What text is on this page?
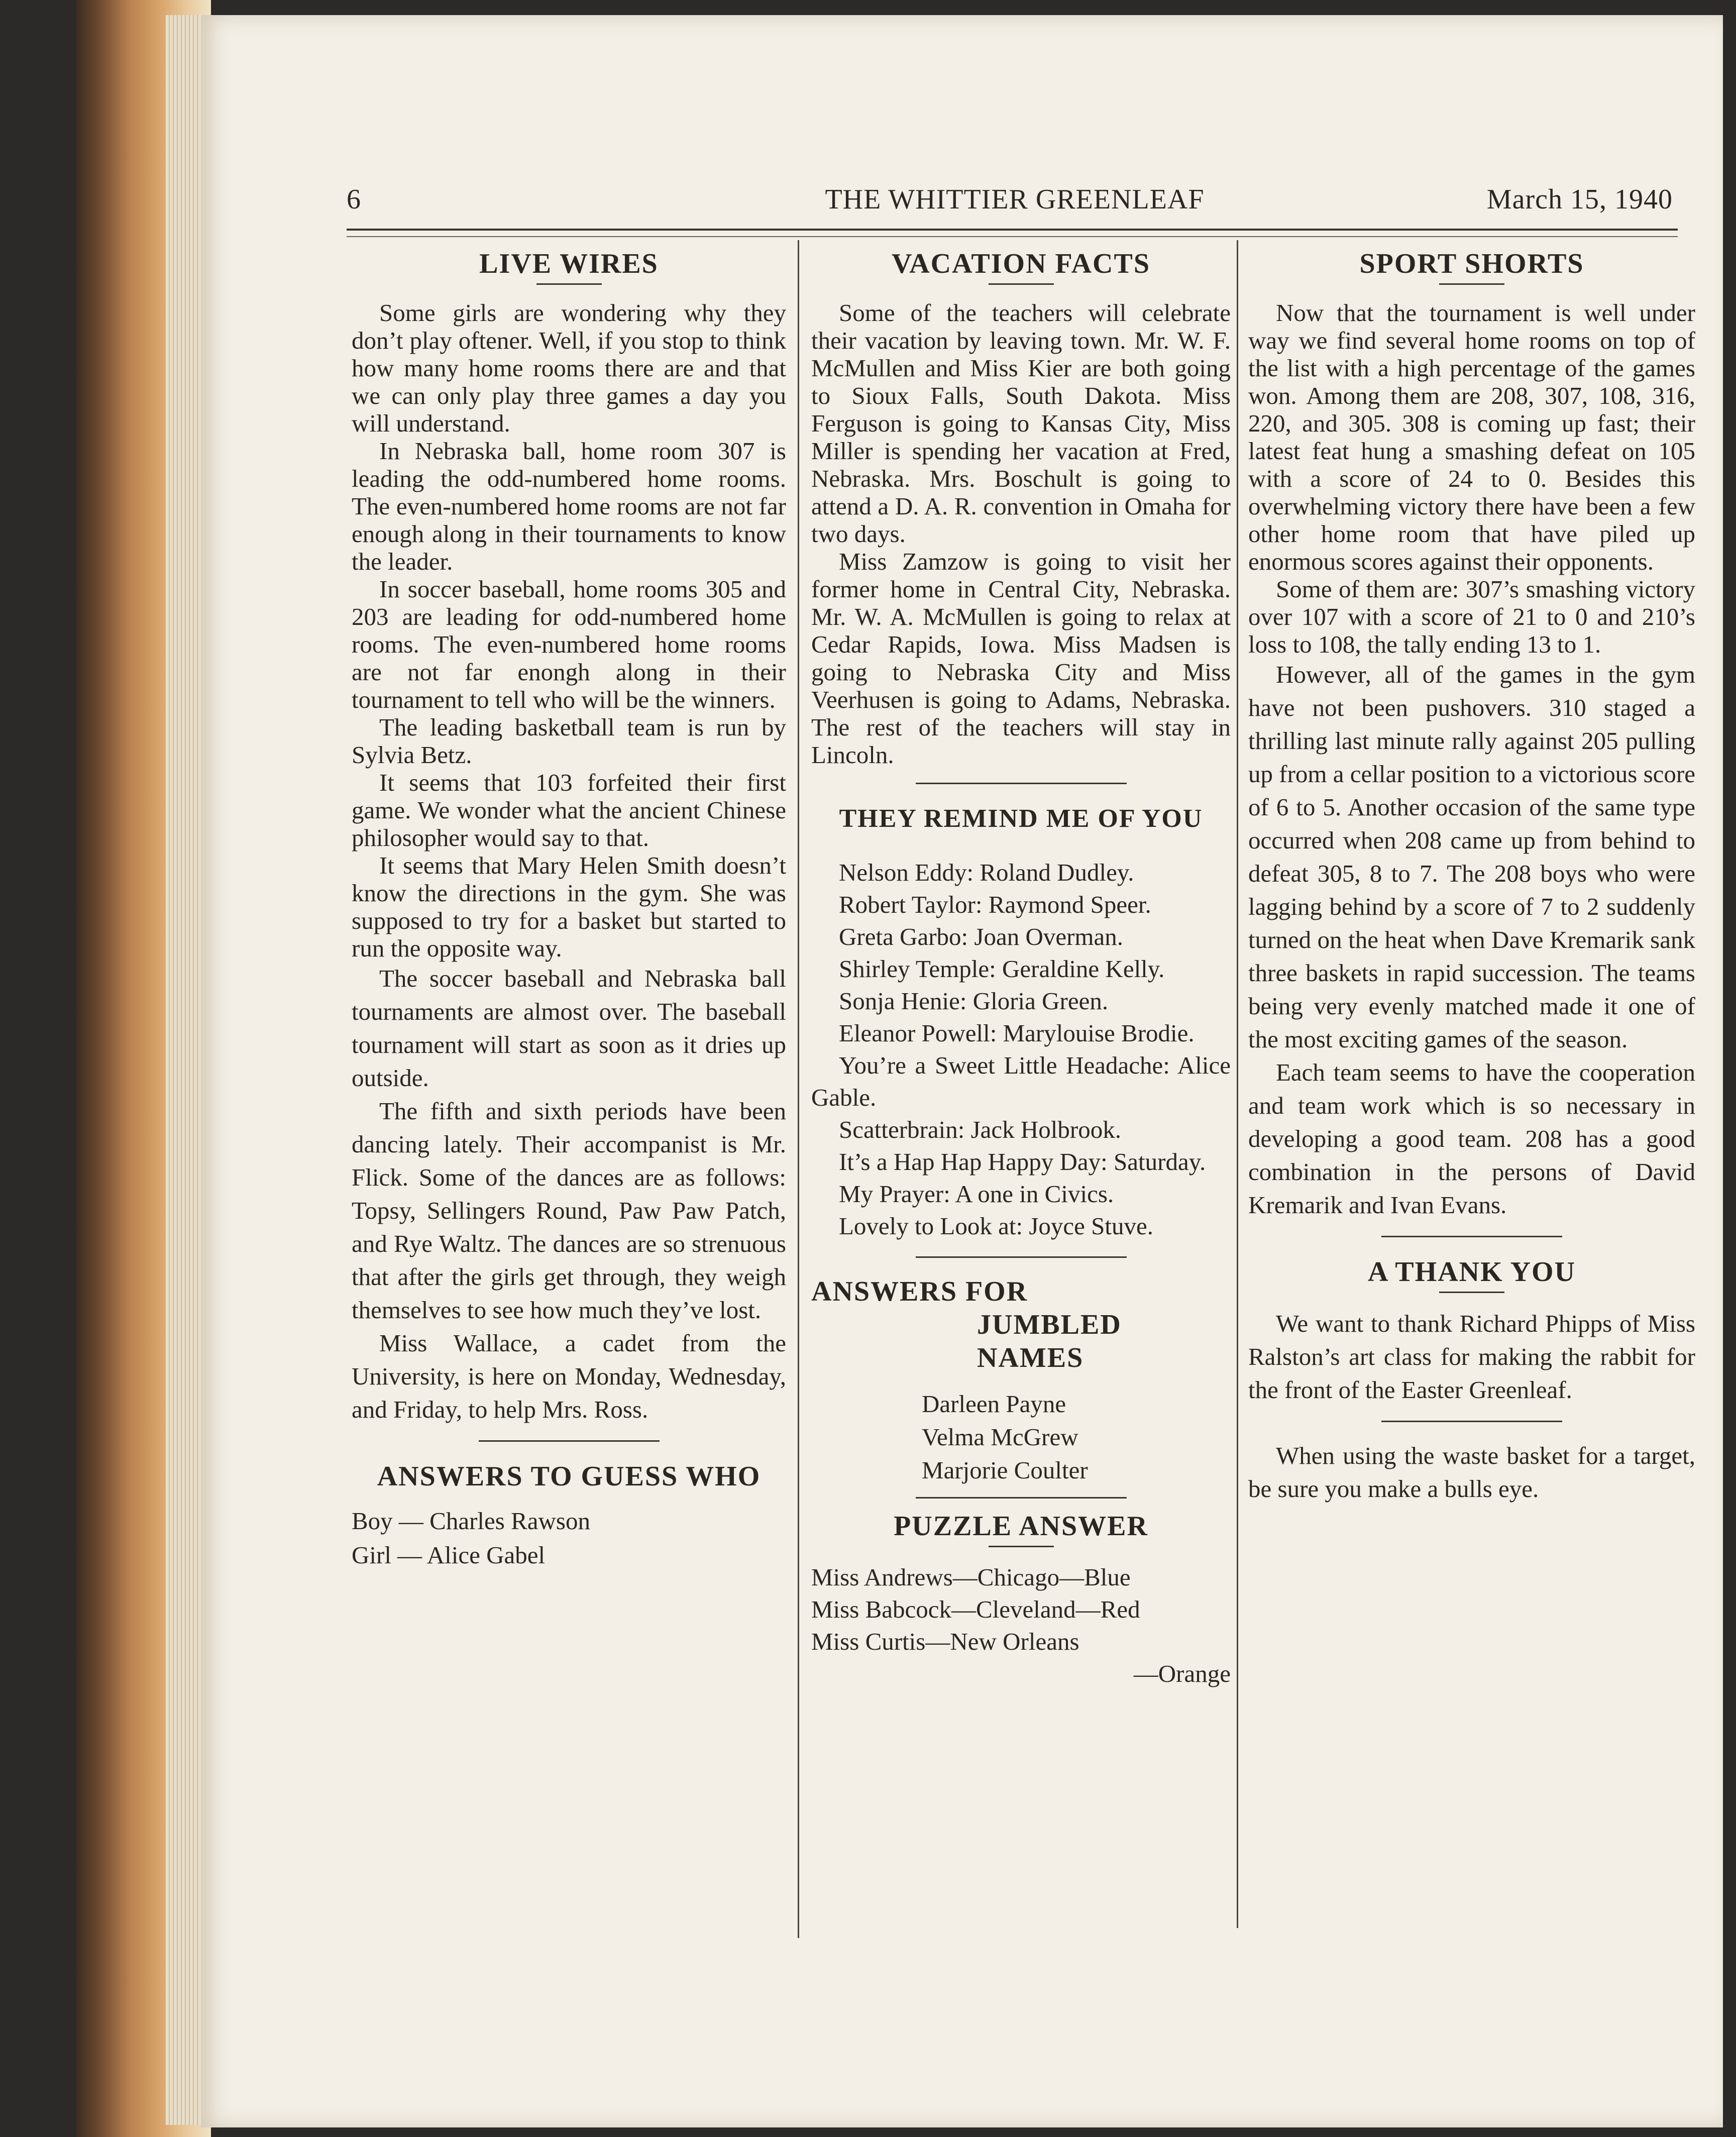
6	THE WHITTIER GREENLEAF	March 15, 1940
LIVE WIRES

Some girls are wondering why they don’t play oftener. Well, if you stop to think how many home rooms there are and that we can only play three games a day you will understand.

In Nebraska ball, home room 307 is leading the odd-numbered home rooms. The even-numbered home rooms are not far enough along in their tournaments to know the leader.

In soccer baseball, home rooms 305 and 203 are leading for odd-numbered home rooms. The even-numbered home rooms are not far enongh along in their tournament to tell who will be the winners.

The leading basketball team is run by Sylvia Betz.

It seems that 103 forfeited their first game. We wonder what the ancient Chinese philosopher would say to that.

It seems that Mary Helen Smith doesn’t know the directions in the gym. She was supposed to try for a basket but started to run the opposite way.

The soccer baseball and Nebraska ball tournaments are almost over. The baseball tournament will start as soon as it dries up outside.

The fifth and sixth periods have been dancing lately. Their accompanist is Mr. Flick. Some of the dances are as follows: Topsy, Sellingers Round, Paw Paw Patch, and Rye Waltz. The dances are so strenuous that after the girls get through, they weigh themselves to see how much they’ve lost.

Miss Wallace, a cadet from the University, is here on Monday, Wednesday, and Friday, to help Mrs. Ross.

ANSWERS TO GUESS WHO

Boy — Charles Rawson

Girl — Alice Gabel

VACATION FACTS

Some of the teachers will celebrate their vacation by leaving town. Mr. W. F. McMullen and Miss Kier are both going to Sioux Falls, South Dakota. Miss Ferguson is going to Kansas City, Miss Miller is spending her vacation at Fred, Nebraska. Mrs. Boschult is going to attend a D. A. R. convention in Omaha for two days.

Miss Zamzow is going to visit her former home in Central City, Nebraska. Mr. W. A. McMullen is going to relax at Cedar Rapids, Iowa. Miss Madsen is going to Nebraska City and Miss Veerhusen is going to Adams, Nebraska. The rest of the teachers will stay in Lincoln.

THEY REMIND ME OF YOU

Nelson Eddy: Roland Dudley.

Robert Taylor: Raymond Speer.

Greta Garbo: Joan Overman.

Shirley Temple: Geraldine Kelly.

Sonja Henie: Gloria Green.

Eleanor Powell: Marylouise Brodie.

You’re a Sweet Little Headache: Alice Gable.

Scatterbrain: Jack Holbrook.

It’s a Hap Hap Happy Day: Saturday.

My Prayer: A one in Civics.

Lovely to Look at: Joyce Stuve.

ANSWERS FOR
JUMBLED NAMES

Darleen Payne

Velma McGrew

Marjorie Coulter

PUZZLE ANSWER

Miss Andrews—Chicago—Blue

Miss Babcock—Cleveland—Red

Miss Curtis—New Orleans

—Orange

SPORT SHORTS

Now that the tournament is well under way we find several home rooms on top of the list with a high percentage of the games won. Among them are 208, 307, 108, 316, 220, and 305. 308 is coming up fast; their latest feat hung a smashing defeat on 105 with a score of 24 to 0. Besides this overwhelming victory there have been a few other home room that have piled up enormous scores against their opponents.

Some of them are: 307’s smashing victory over 107 with a score of 21 to 0 and 210’s loss to 108, the tally ending 13 to 1.

However, all of the games in the gym have not been pushovers. 310 staged a thrilling last minute rally against 205 pulling up from a cellar position to a victorious score of 6 to 5. Another occasion of the same type occurred when 208 came up from behind to defeat 305, 8 to 7. The 208 boys who were lagging behind by a score of 7 to 2 suddenly turned on the heat when Dave Kremarik sank three baskets in rapid succession. The teams being very evenly matched made it one of the most exciting games of the season.

Each team seems to have the cooperation and team work which is so necessary in developing a good team. 208 has a good combination in the persons of David Kremarik and Ivan Evans.

A THANK YOU

We want to thank Richard Phipps of Miss Ralston’s art class for making the rabbit for the front of the Easter Greenleaf.

When using the waste basket for a target, be sure you make a bulls eye.
